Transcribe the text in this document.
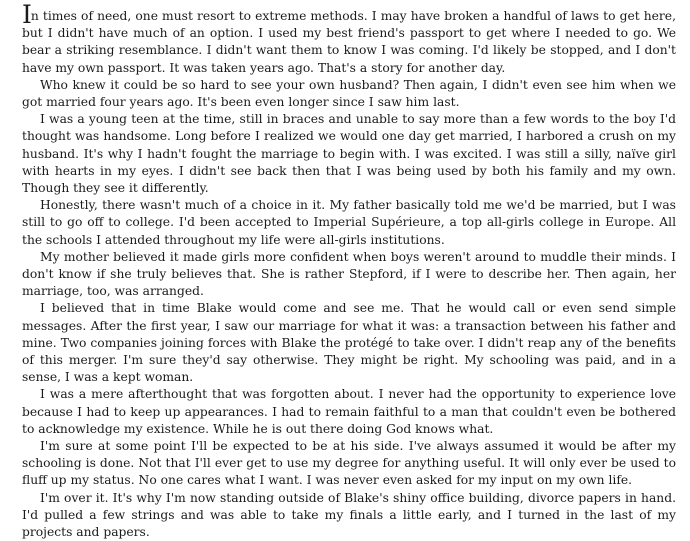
In times of need, one must resort to extreme methods. I may have broken a handful of laws to get here, but I didn't have much of an option. I used my best friend's passport to get where I needed to go. We bear a striking resemblance. I didn't want them to know I was coming. I'd likely be stopped, and I don't have my own passport. It was taken years ago. That's a story for another day.

Who knew it could be so hard to see your own husband? Then again, I didn't even see him when we got married four years ago. It's been even longer since I saw him last.

I was a young teen at the time, still in braces and unable to say more than a few words to the boy I'd thought was handsome. Long before I realized we would one day get married, I harbored a crush on my husband. It's why I hadn't fought the marriage to begin with. I was excited. I was still a silly, naïve girl with hearts in my eyes. I didn't see back then that I was being used by both his family and my own. Though they see it differently.

Honestly, there wasn't much of a choice in it. My father basically told me we'd be married, but I was still to go off to college. I'd been accepted to Imperial Supérieure, a top all-girls college in Europe. All the schools I attended throughout my life were all-girls institutions.

My mother believed it made girls more confident when boys weren't around to muddle their minds. I don't know if she truly believes that. She is rather Stepford, if I were to describe her. Then again, her marriage, too, was arranged.

I believed that in time Blake would come and see me. That he would call or even send simple messages. After the first year, I saw our marriage for what it was: a transaction between his father and mine. Two companies joining forces with Blake the protégé to take over. I didn't reap any of the benefits of this merger. I'm sure they'd say otherwise. They might be right. My schooling was paid, and in a sense, I was a kept woman.

I was a mere afterthought that was forgotten about. I never had the opportunity to experience love because I had to keep up appearances. I had to remain faithful to a man that couldn't even be bothered to acknowledge my existence. While he is out there doing God knows what.

I'm sure at some point I'll be expected to be at his side. I've always assumed it would be after my schooling is done. Not that I'll ever get to use my degree for anything useful. It will only ever be used to fluff up my status. No one cares what I want. I was never even asked for my input on my own life.

I'm over it. It's why I'm now standing outside of Blake's shiny office building, divorce papers in hand. I'd pulled a few strings and was able to take my finals a little early, and I turned in the last of my projects and papers.
